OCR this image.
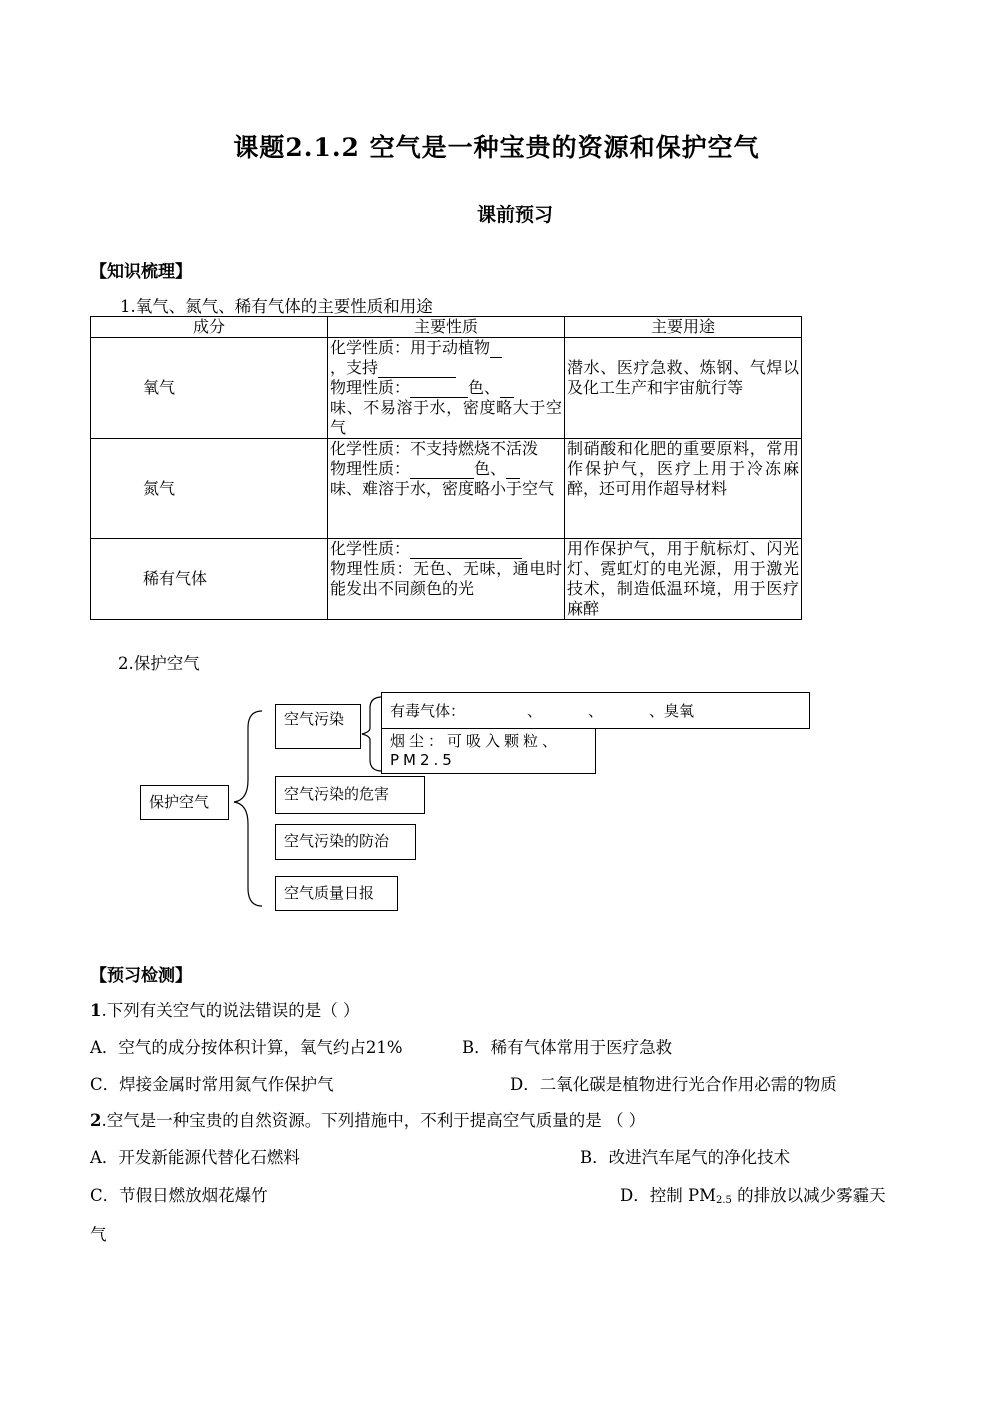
课题2.1.2 空气是一种宝贵的资源和保护空气
课前预习
【知识梳理】
1.氧气、氮气、稀有气体的主要性质和用途
成分	主要性质	主要用途
氧气	化学性质：用于动植物
，支持
物理性质： 色、
味、不易溶于水，密度略大于空气	潜水、医疗急救、炼钢、气焊以及化工生产和宇宙航行等
氮气	化学性质：不支持燃烧不活泼
物理性质： 色、
味、难溶于水，密度略小于空气	制硝酸和化肥的重要原料，常用作保护气，医疗上用于冷冻麻醉，还可用作超导材料
稀有气体	化学性质：
物理性质：无色、无味，通电时能发出不同颜色的光	用作保护气，用于航标灯、闪光灯、霓虹灯的电光源，用于激光技术，制造低温环境，用于医疗麻醉
2.保护空气
保护空气
空气污染	有毒气体：	、	、	、臭氧
烟尘：可吸入颗粒、PM2.5
空气污染的危害
空气污染的防治
空气质量日报
【预习检测】
1.下列有关空气的说法错误的是（ ）
A．空气的成分按体积计算，氧气约占21%	B．稀有气体常用于医疗急救
C．焊接金属时常用氮气作保护气	D．二氧化碳是植物进行光合作用必需的物质
2.空气是一种宝贵的自然资源。下列措施中，不利于提高空气质量的是 （ ）
A．开发新能源代替化石燃料	B．改进汽车尾气的净化技术
C．节假日燃放烟花爆竹	D．控制 $PM_{2.5}$ 的排放以减少雾霾天
气
